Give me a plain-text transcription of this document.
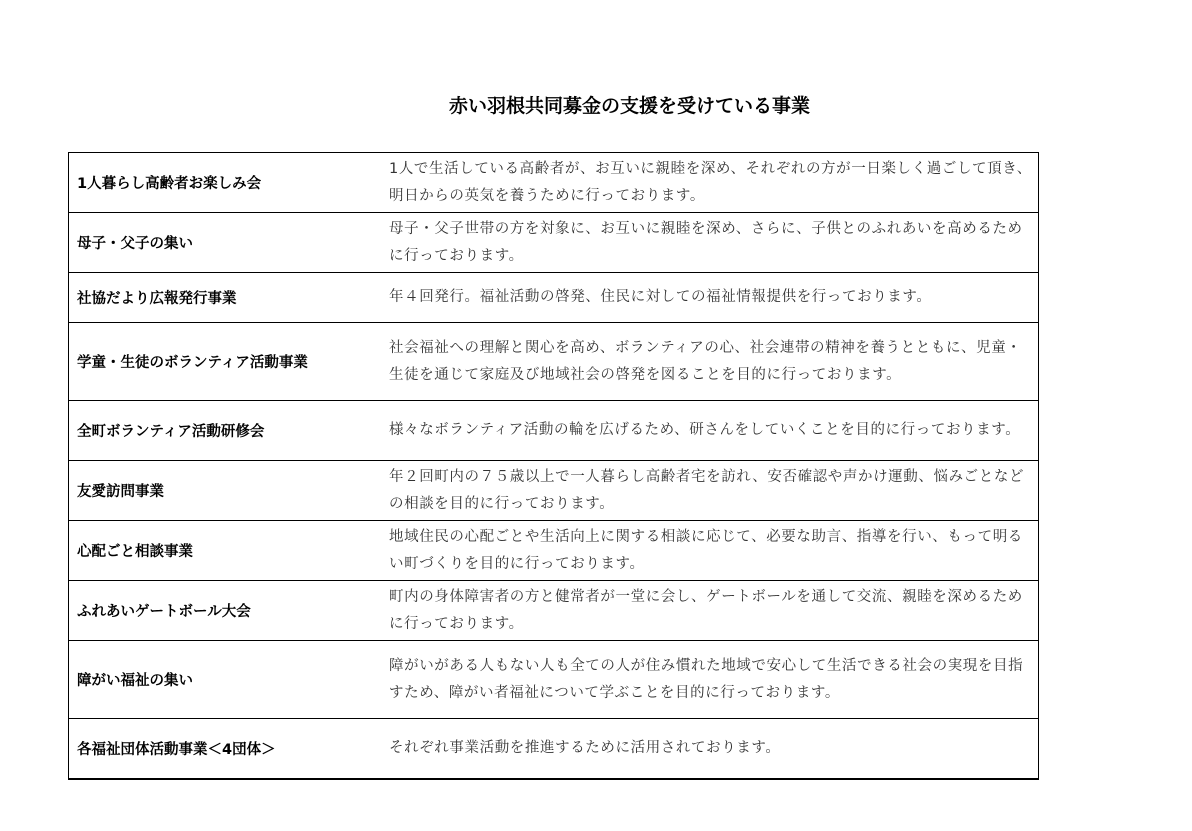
赤い羽根共同募金の支援を受けている事業
1人暮らし高齢者お楽しみ会	1人で生活している高齢者が、お互いに親睦を深め、それぞれの方が一日楽しく過ごして頂き、明日からの英気を養うために行っております。
母子・父子の集い	母子・父子世帯の方を対象に、お互いに親睦を深め、さらに、子供とのふれあいを高めるために行っております。
社協だより広報発行事業	年４回発行。福祉活動の啓発、住民に対しての福祉情報提供を行っております。
学童・生徒のボランティア活動事業	社会福祉への理解と関心を高め、ボランティアの心、社会連帯の精神を養うとともに、児童・生徒を通じて家庭及び地域社会の啓発を図ることを目的に行っております。
全町ボランティア活動研修会	様々なボランティア活動の輪を広げるため、研さんをしていくことを目的に行っております。
友愛訪問事業	年２回町内の７５歳以上で一人暮らし高齢者宅を訪れ、安否確認や声かけ運動、悩みごとなどの相談を目的に行っております。
心配ごと相談事業	地域住民の心配ごとや生活向上に関する相談に応じて、必要な助言、指導を行い、もって明るい町づくりを目的に行っております。
ふれあいゲートボール大会	町内の身体障害者の方と健常者が一堂に会し、ゲートボールを通して交流、親睦を深めるために行っております。
障がい福祉の集い	障がいがある人もない人も全ての人が住み慣れた地域で安心して生活できる社会の実現を目指すため、障がい者福祉について学ぶことを目的に行っております。
各福祉団体活動事業＜4団体＞	それぞれ事業活動を推進するために活用されております。
